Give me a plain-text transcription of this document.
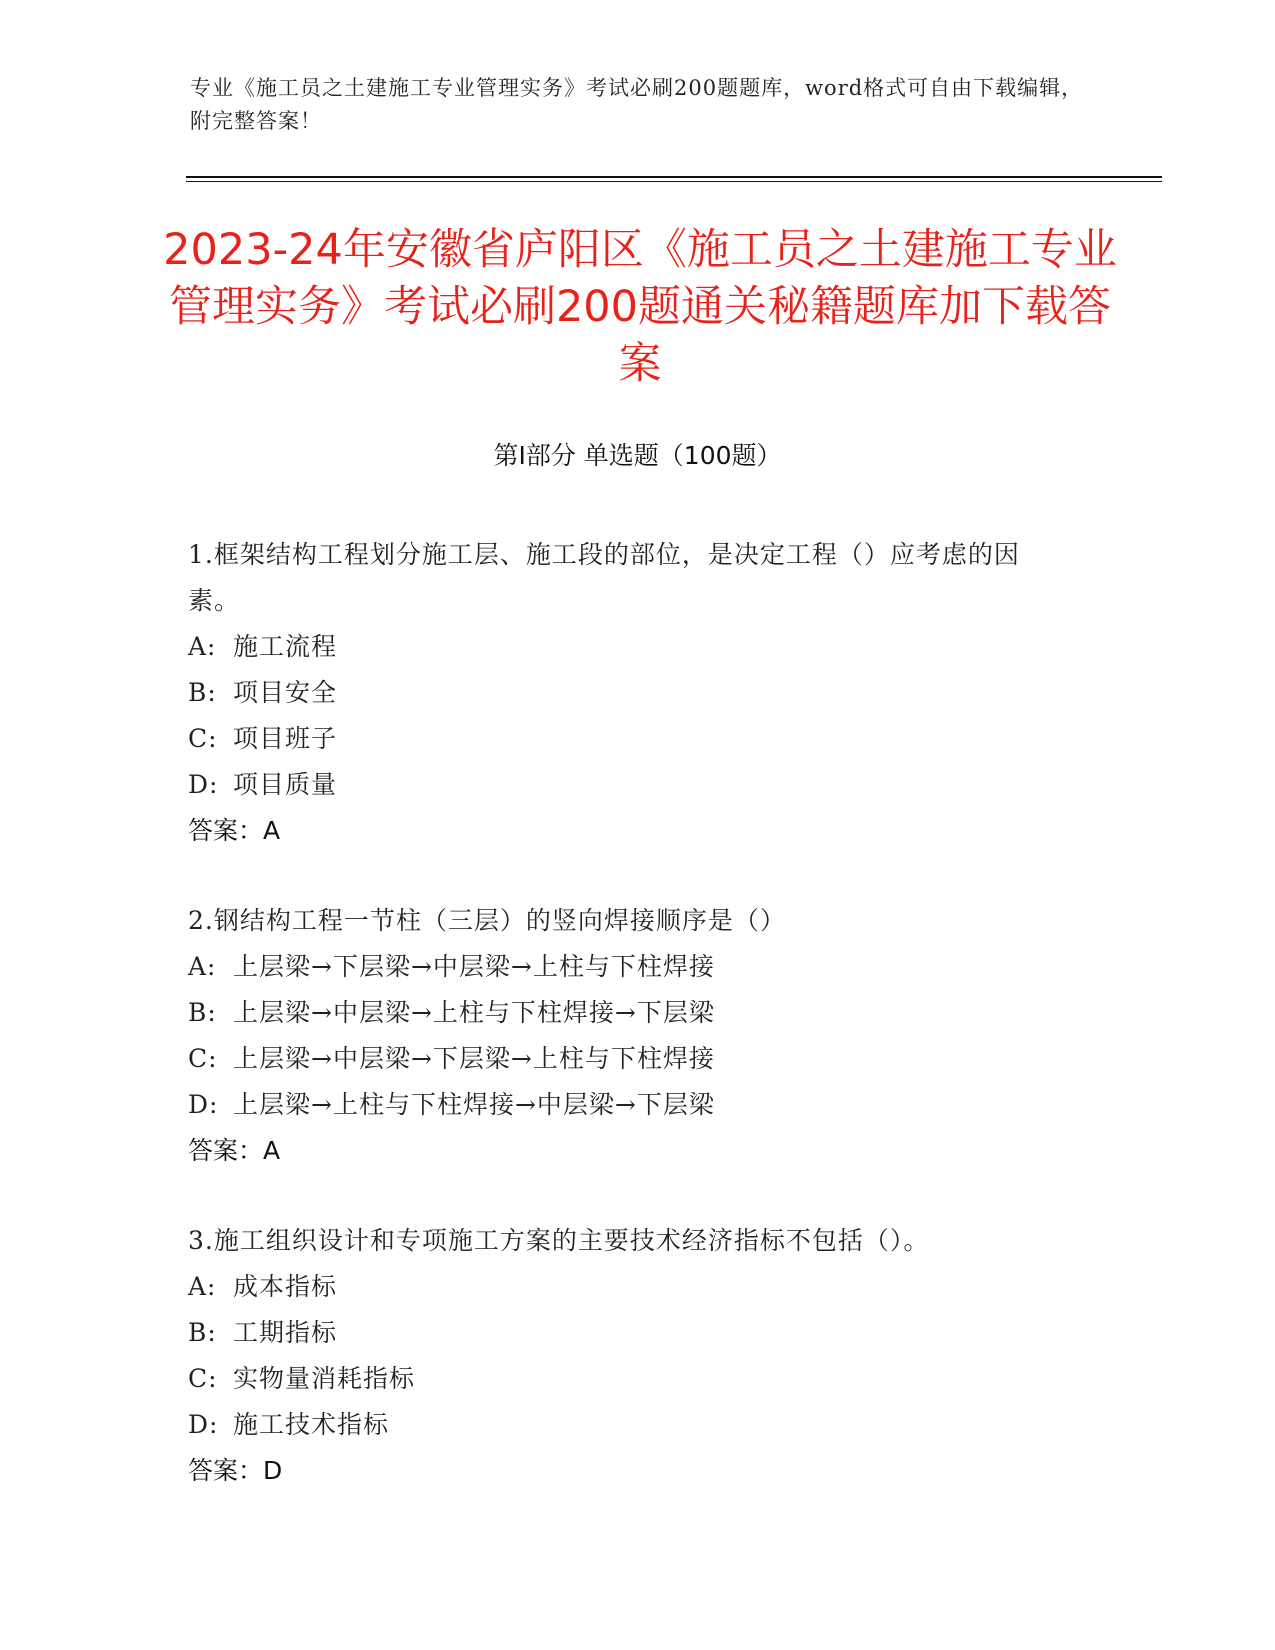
专业《施工员之土建施工专业管理实务》考试必刷200题题库，word格式可自由下载编辑，附完整答案！
2023-24年安徽省庐阳区《施工员之土建施工专业管理实务》考试必刷200题通关秘籍题库加下载答案
第I部分 单选题（100题）
1.框架结构工程划分施工层、施工段的部位，是决定工程（）应考虑的因素。
A: 施工流程
B: 项目安全
C: 项目班子
D: 项目质量
答案：A
2.钢结构工程一节柱（三层）的竖向焊接顺序是（）
A: 上层梁→下层梁→中层梁→上柱与下柱焊接
B: 上层梁→中层梁→上柱与下柱焊接→下层梁
C: 上层梁→中层梁→下层梁→上柱与下柱焊接
D: 上层梁→上柱与下柱焊接→中层梁→下层梁
答案：A
3.施工组织设计和专项施工方案的主要技术经济指标不包括（）。
A: 成本指标
B: 工期指标
C: 实物量消耗指标
D: 施工技术指标
答案：D
